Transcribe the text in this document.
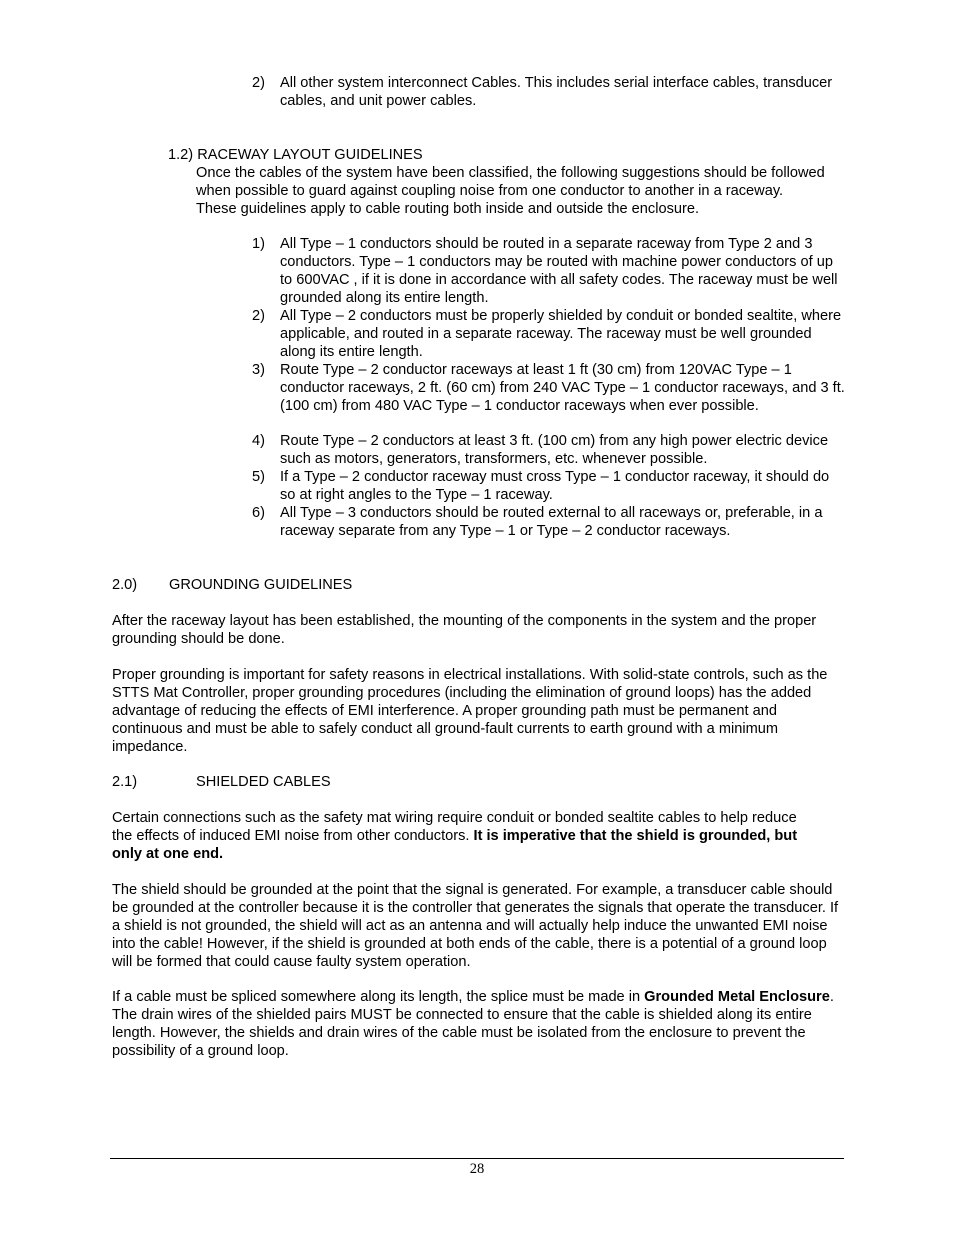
2) All other system interconnect Cables. This includes serial interface cables, transducer cables, and unit power cables.
1.2) RACEWAY LAYOUT GUIDELINES
Once the cables of the system have been classified, the following suggestions should be followed when possible to guard against coupling noise from one conductor to another in a raceway. These guidelines apply to cable routing both inside and outside the enclosure.
1) All Type – 1 conductors should be routed in a separate raceway from Type 2 and 3 conductors. Type – 1 conductors may be routed with machine power conductors of up to 600VAC , if it is done in accordance with all safety codes. The raceway must be well grounded along its entire length.
2) All Type – 2 conductors must be properly shielded by conduit or bonded sealtite, where applicable, and routed in a separate raceway. The raceway must be well grounded along its entire length.
3) Route Type – 2 conductor raceways at least 1 ft (30 cm) from 120VAC Type – 1 conductor raceways, 2 ft. (60 cm) from 240 VAC Type – 1 conductor raceways, and 3 ft. (100 cm) from 480 VAC Type – 1 conductor raceways when ever possible.
4) Route Type – 2 conductors at least 3 ft. (100 cm) from any high power electric device such as motors, generators, transformers, etc. whenever possible.
5) If a Type – 2 conductor raceway must cross Type – 1 conductor raceway, it should do so at right angles to the Type – 1 raceway.
6) All Type – 3 conductors should be routed external to all raceways or, preferable, in a raceway separate from any Type – 1 or Type – 2 conductor raceways.
2.0) GROUNDING GUIDELINES
After the raceway layout has been established, the mounting of the components in the system and the proper grounding should be done.
Proper grounding is important for safety reasons in electrical installations. With solid-state controls, such as the STTS Mat Controller, proper grounding procedures (including the elimination of ground loops) has the added advantage of reducing the effects of EMI interference. A proper grounding path must be permanent and continuous and must be able to safely conduct all ground-fault currents to earth ground with a minimum impedance.
2.1)	SHIELDED CABLES
Certain connections such as the safety mat wiring require conduit or bonded sealtite cables to help reduce the effects of induced EMI noise from other conductors. It is imperative that the shield is grounded, but only at one end.
The shield should be grounded at the point that the signal is generated. For example, a transducer cable should be grounded at the controller because it is the controller that generates the signals that operate the transducer. If a shield is not grounded, the shield will act as an antenna and will actually help induce the unwanted EMI noise into the cable! However, if the shield is grounded at both ends of the cable, there is a potential of a ground loop will be formed that could cause faulty system operation.
If a cable must be spliced somewhere along its length, the splice must be made in Grounded Metal Enclosure. The drain wires of the shielded pairs MUST be connected to ensure that the cable is shielded along its entire length. However, the shields and drain wires of the cable must be isolated from the enclosure to prevent the possibility of a ground loop.
28
